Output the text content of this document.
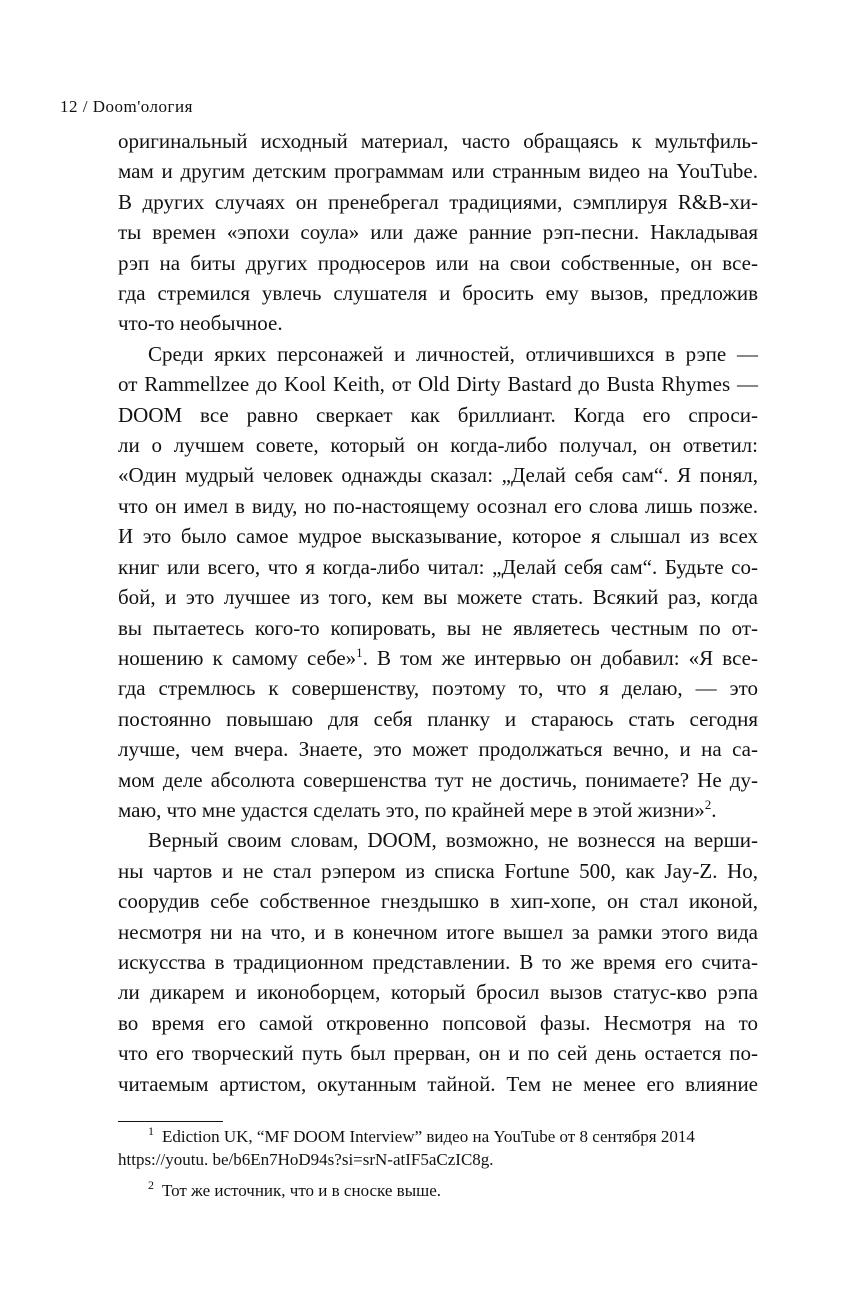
12 / Doom'ология

оригинальный исходный материал, часто обращаясь к мультфиль-
мам и другим детским программам или странным видео на YouTube.
В других случаях он пренебрегал традициями, сэмплируя R&B-хи-
ты времен «эпохи соула» или даже ранние рэп-песни. Накладывая
рэп на биты других продюсеров или на свои собственные, он все-
гда стремился увлечь слушателя и бросить ему вызов, предложив
что-то необычное.

Среди ярких персонажей и личностей, отличившихся в рэпе —
от Rammellzee до Kool Keith, от Old Dirty Bastard до Busta Rhymes —
DOOM все равно сверкает как бриллиант. Когда его спроси-
ли о лучшем совете, который он когда-либо получал, он ответил:
«Один мудрый человек однажды сказал: „Делай себя сам“. Я понял,
что он имел в виду, но по-настоящему осознал его слова лишь позже.
И это было самое мудрое высказывание, которое я слышал из всех
книг или всего, что я когда-либо читал: „Делай себя сам“. Будьте со-
бой, и это лучшее из того, кем вы можете стать. Всякий раз, когда
вы пытаетесь кого-то копировать, вы не являетесь честным по от-
ношению к самому себе»$^1$. В том же интервью он добавил: «Я все-
гда стремлюсь к совершенству, поэтому то, что я делаю, — это
постоянно повышаю для себя планку и стараюсь стать сегодня
лучше, чем вчера. Знаете, это может продолжаться вечно, и на са-
мом деле абсолюта совершенства тут не достичь, понимаете? Не ду-
маю, что мне удастся сделать это, по крайней мере в этой жизни»$^2$.

Верный своим словам, DOOM, возможно, не вознесся на верши-
ны чартов и не стал рэпером из списка Fortune 500, как Jay-Z. Но,
соорудив себе собственное гнездышко в хип-хопе, он стал иконой,
несмотря ни на что, и в конечном итоге вышел за рамки этого вида
искусства в традиционном представлении. В то же время его счита-
ли дикарем и иконоборцем, который бросил вызов статус-кво рэпа
во время его самой откровенно попсовой фазы. Несмотря на то
что его творческий путь был прерван, он и по сей день остается по-
читаемым артистом, окутанным тайной. Тем не менее его влияние

$^1$ Ediction UK, “MF DOOM Interview” видео на YouTube от 8 сентября 2014
https://youtu. be/b6En7HoD94s?si=srN-atIF5aCzIC8g.
$^2$ Тот же источник, что и в сноске выше.
